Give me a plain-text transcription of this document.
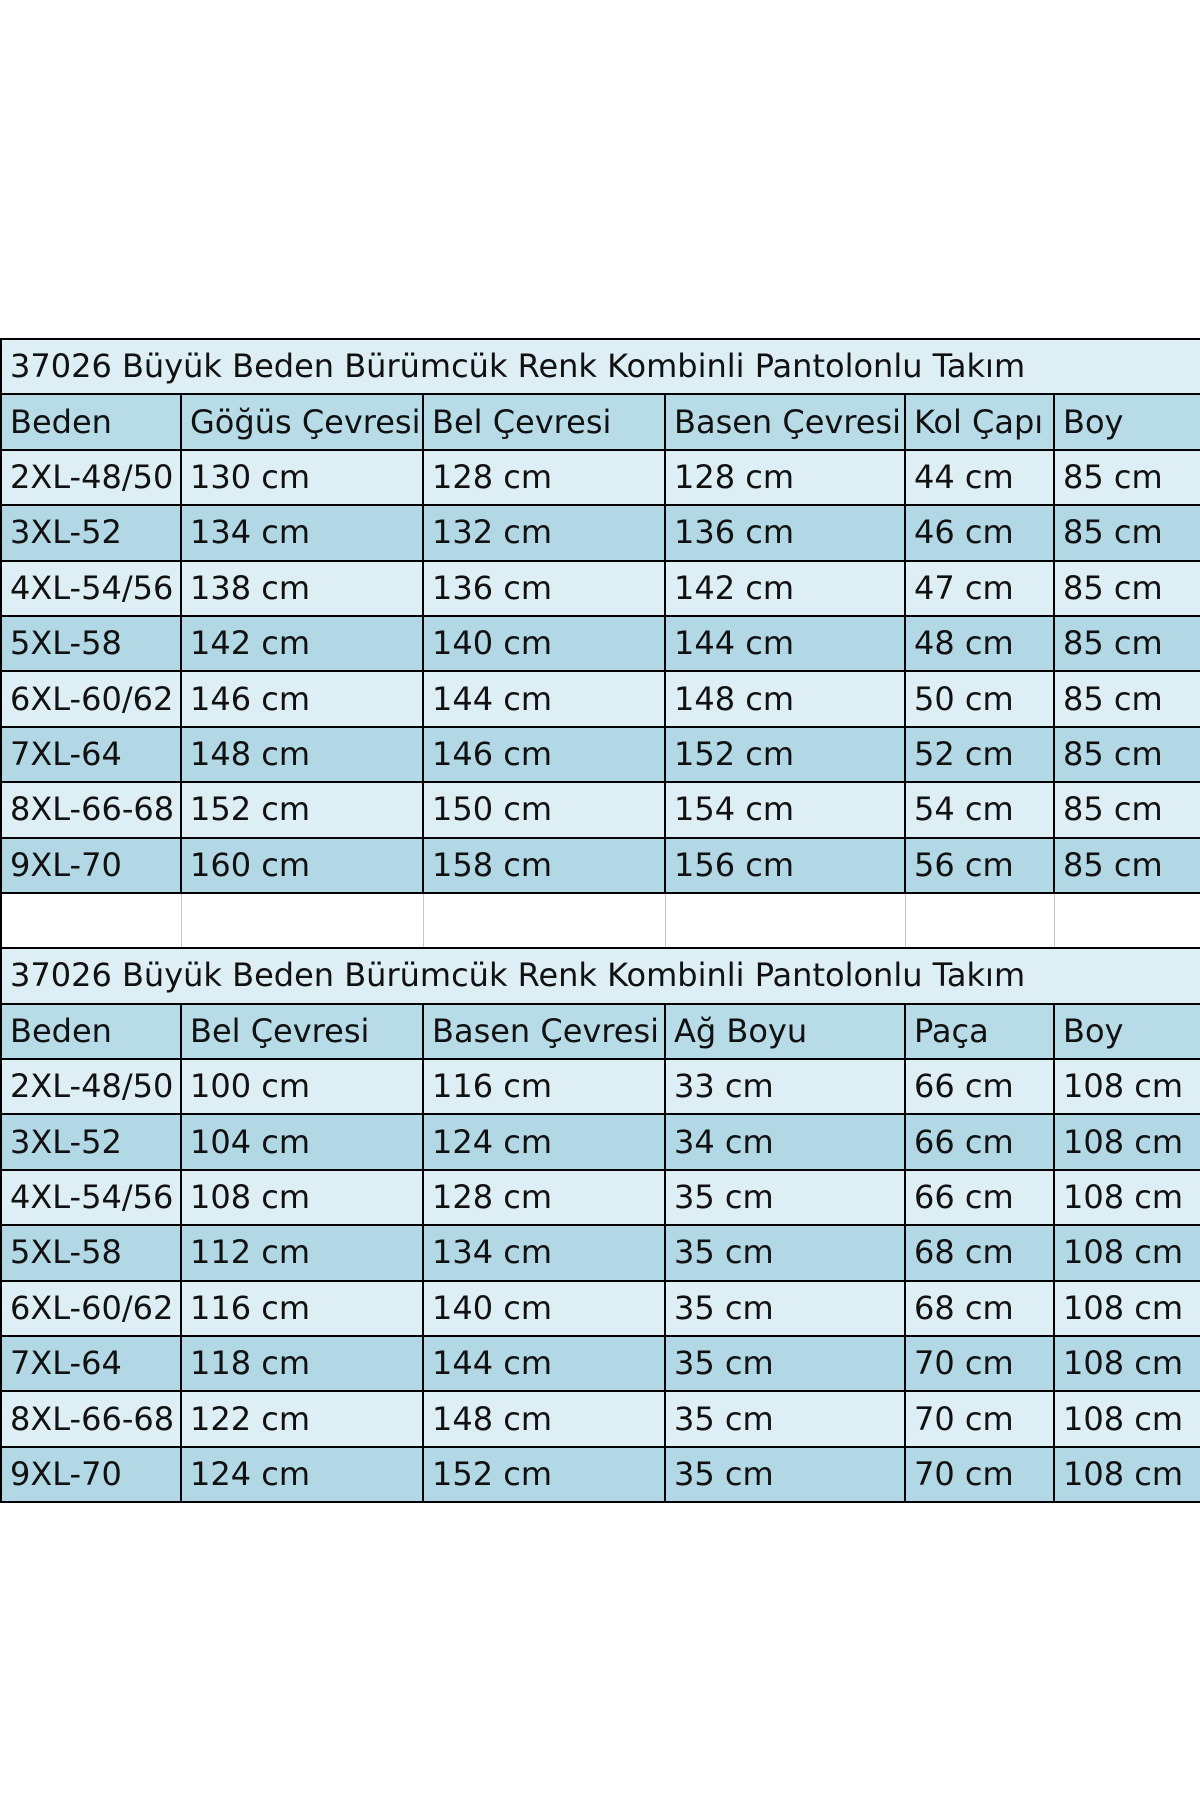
37026 Büyük Beden Bürümcük Renk Kombinli Pantolonlu Takım					
Beden	Göğüs Çevresi	Bel Çevresi	Basen Çevresi	Kol Çapı	Boy
2XL-48/50	130 cm	128 cm	128 cm	44 cm	85 cm
3XL-52	134 cm	132 cm	136 cm	46 cm	85 cm
4XL-54/56	138 cm	136 cm	142 cm	47 cm	85 cm
5XL-58	142 cm	140 cm	144 cm	48 cm	85 cm
6XL-60/62	146 cm	144 cm	148 cm	50 cm	85 cm
7XL-64	148 cm	146 cm	152 cm	52 cm	85 cm
8XL-66-68	152 cm	150 cm	154 cm	54 cm	85 cm
9XL-70	160 cm	158 cm	156 cm	56 cm	85 cm

37026 Büyük Beden Bürümcük Renk Kombinli Pantolonlu Takım					
Beden	Bel Çevresi	Basen Çevresi	Ağ Boyu	Paça	Boy
2XL-48/50	100 cm	116 cm	33 cm	66 cm	108 cm
3XL-52	104 cm	124 cm	34 cm	66 cm	108 cm
4XL-54/56	108 cm	128 cm	35 cm	66 cm	108 cm
5XL-58	112 cm	134 cm	35 cm	68 cm	108 cm
6XL-60/62	116 cm	140 cm	35 cm	68 cm	108 cm
7XL-64	118 cm	144 cm	35 cm	70 cm	108 cm
8XL-66-68	122 cm	148 cm	35 cm	70 cm	108 cm
9XL-70	124 cm	152 cm	35 cm	70 cm	108 cm
